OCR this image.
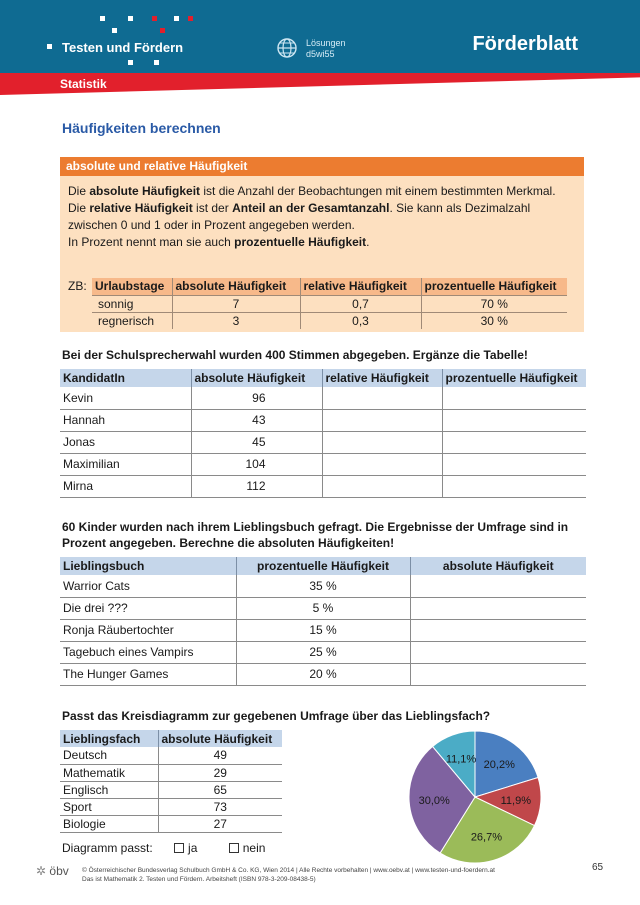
Testen und Fördern	Lösungen
d5wi55	Förderblatt
Statistik
Häufigkeiten berechnen
absolute und relative Häufigkeit
Die absolute Häufigkeit ist die Anzahl der Beobachtungen mit einem bestimmten Merkmal.
Die relative Häufigkeit ist der Anteil an der Gesamtanzahl. Sie kann als Dezimalzahl zwischen 0 und 1 oder in Prozent angegeben werden.
In Prozent nennt man sie auch prozentuelle Häufigkeit.
ZB: Urlaubstage	absolute Häufigkeit	relative Häufigkeit	prozentuelle Häufigkeit
sonnig	7	0,7	70 %
regnerisch	3	0,3	30 %
Bei der Schulsprecherwahl wurden 400 Stimmen abgegeben. Ergänze die Tabelle!
KandidatIn	absolute Häufigkeit	relative Häufigkeit	prozentuelle Häufigkeit
Kevin	96		
Hannah	43		
Jonas	45		
Maximilian	104		
Mirna	112		
60 Kinder wurden nach ihrem Lieblingsbuch gefragt. Die Ergebnisse der Umfrage sind in Prozent angegeben. Berechne die absoluten Häufigkeiten!
Lieblingsbuch	prozentuelle Häufigkeit	absolute Häufigkeit
Warrior Cats	35 %	
Die drei ???	5 %	
Ronja Räubertochter	15 %	
Tagebuch eines Vampirs	25 %	
The Hunger Games	20 %	
Passt das Kreisdiagramm zur gegebenen Umfrage über das Lieblingsfach?
Lieblingsfach	absolute Häufigkeit
Deutsch	49
Mathematik	29
Englisch	65
Sport	73
Biologie	27
Diagramm passt:	ja	nein
20,2%
11,9%
26,7%
30,0%
11,1%
✲ öbv © Österreichischer Bundesverlag Schulbuch GmbH & Co. KG, Wien 2014 | Alle Rechte vorbehalten | www.oebv.at | www.testen-und-foerdern.at
Das ist Mathematik 2. Testen und Fördern. Arbeitsheft (ISBN 978-3-209-08438-5)
65
